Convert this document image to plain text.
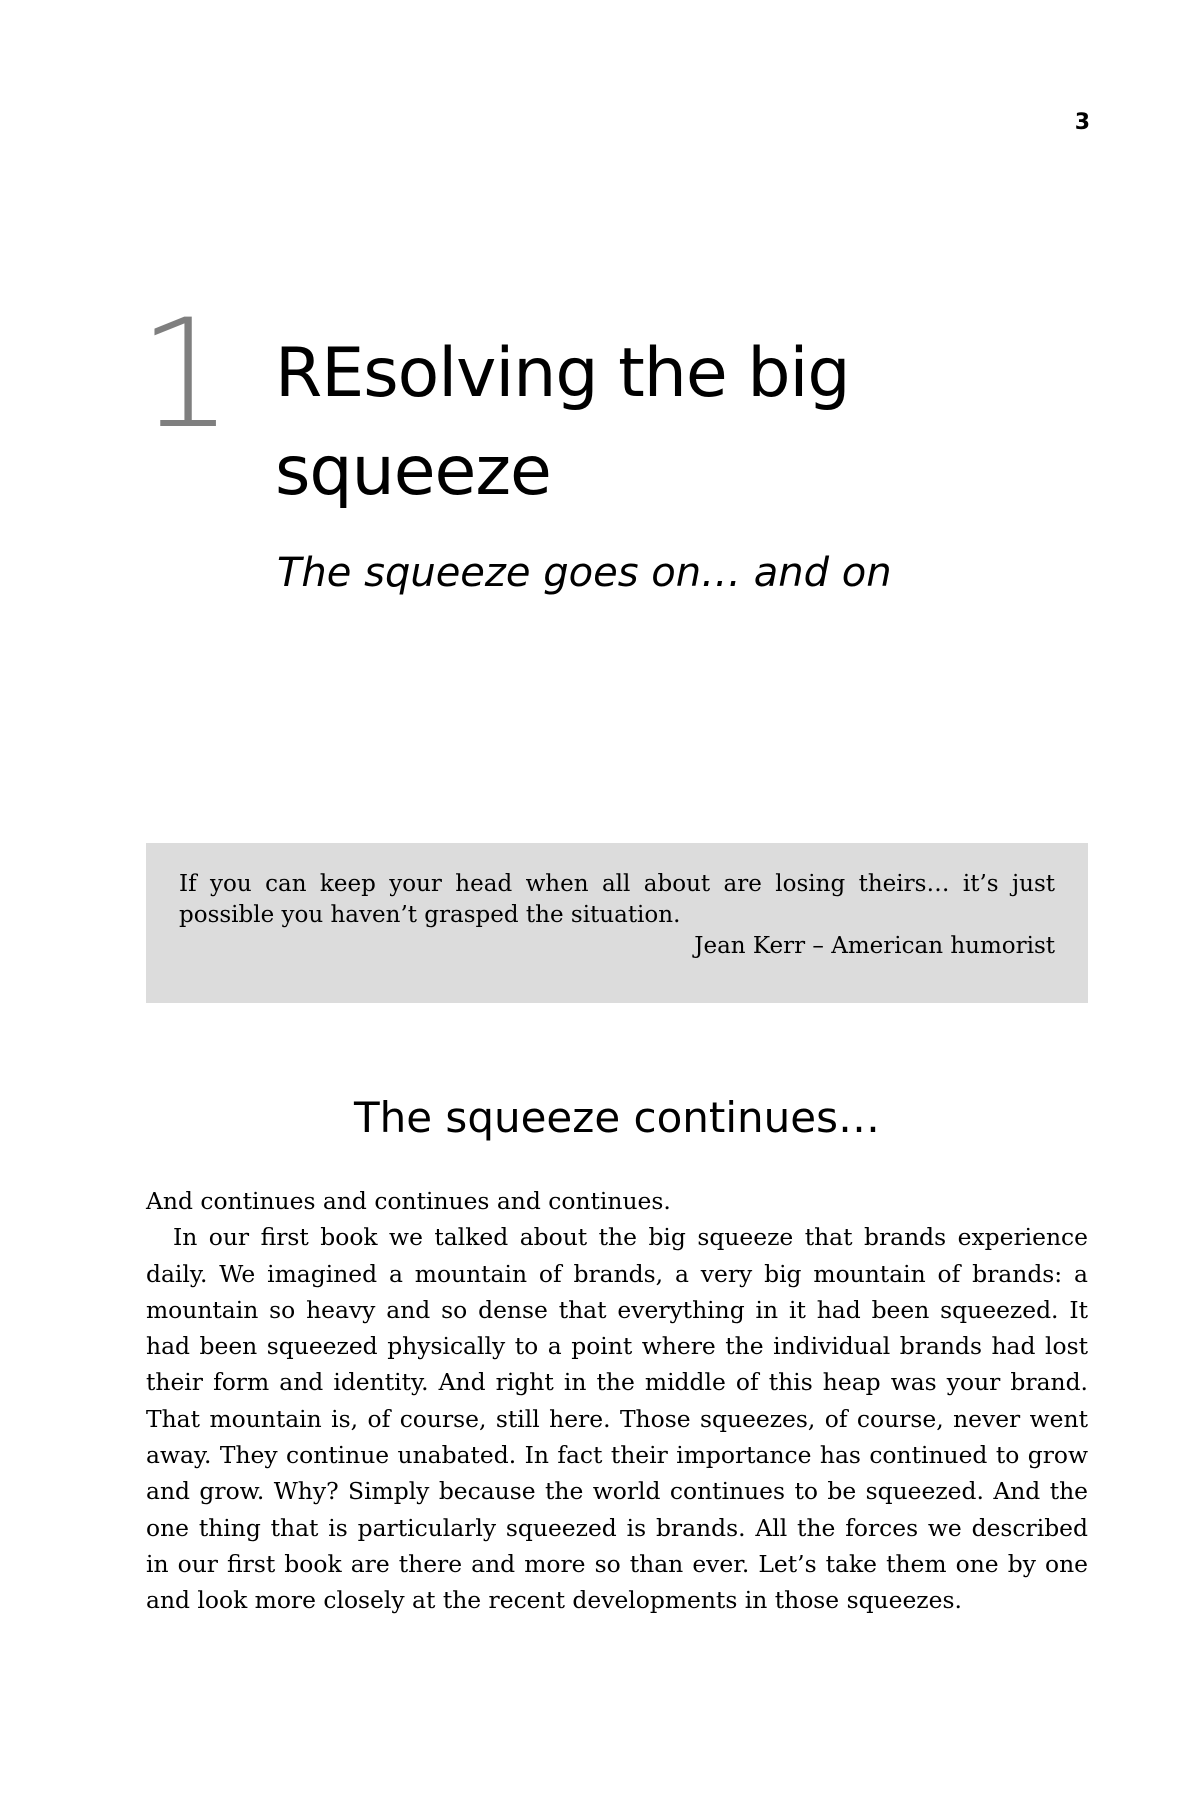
3
1 REsolving the big
squeeze
The squeeze goes on… and on

If you can keep your head when all about are losing theirs… it’s just possible you haven’t grasped the situation.

Jean Kerr – American humorist

The squeeze continues…

And continues and continues and continues.

In our first book we talked about the big squeeze that brands experience daily. We imagined a mountain of brands, a very big mountain of brands: a mountain so heavy and so dense that everything in it had been squeezed. It had been squeezed physically to a point where the individual brands had lost their form and identity. And right in the middle of this heap was your brand. That mountain is, of course, still here. Those squeezes, of course, never went away. They continue unabated. In fact their importance has continued to grow and grow. Why? Simply because the world continues to be squeezed. And the one thing that is particularly squeezed is brands. All the forces we described in our first book are there and more so than ever. Let’s take them one by one and look more closely at the recent developments in those squeezes.
